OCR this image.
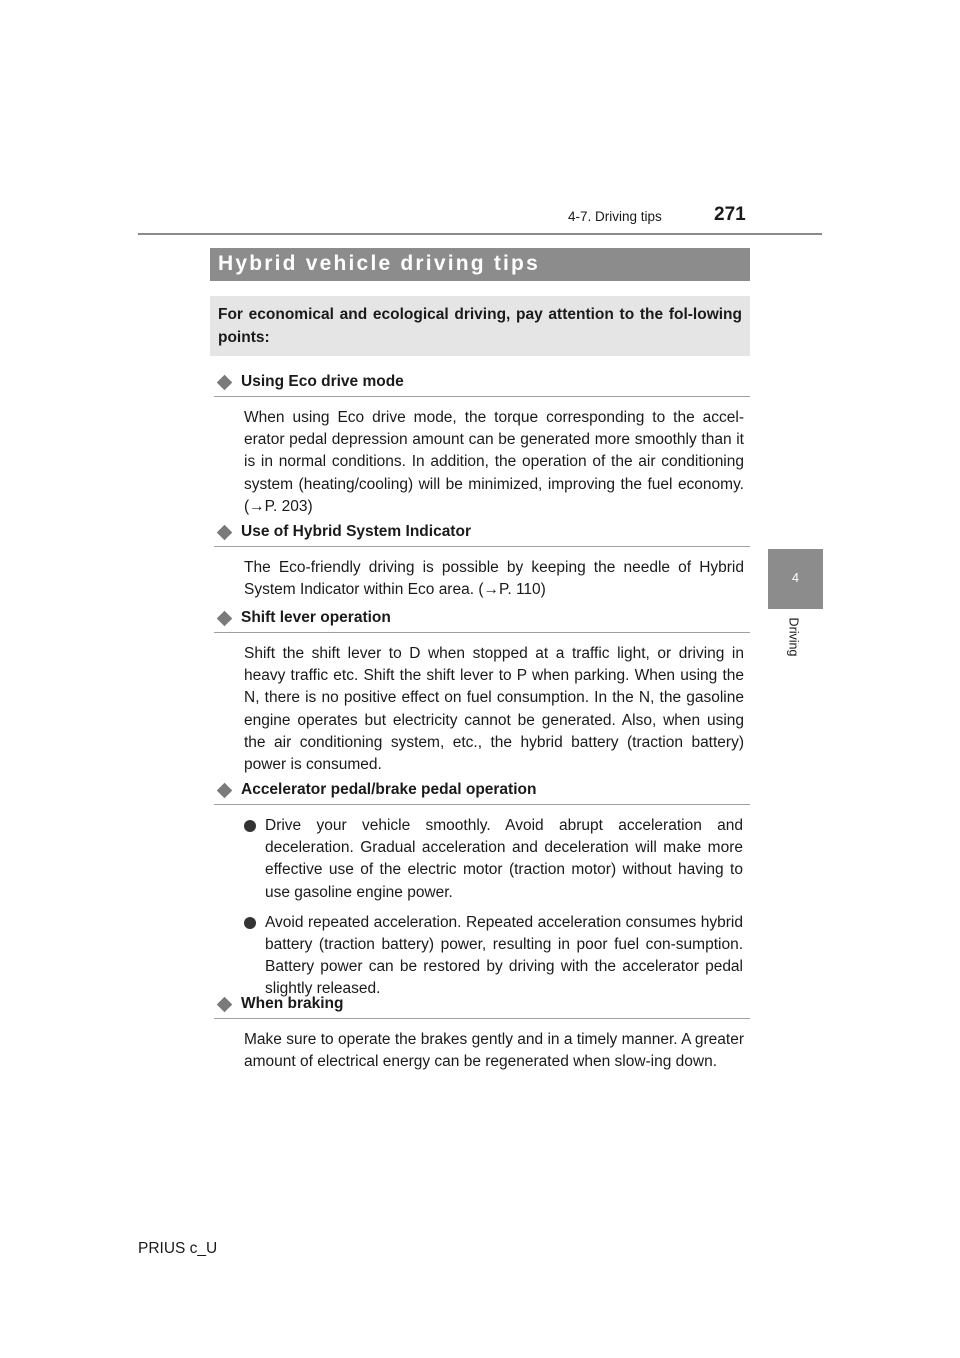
4-7. Driving tips	271
4
Driving
Hybrid vehicle driving tips

For economical and ecological driving, pay attention to the fol-lowing points:

Using Eco drive mode

When using Eco drive mode, the torque corresponding to the accel-erator pedal depression amount can be generated more smoothly than it is in normal conditions. In addition, the operation of the air conditioning system (heating/cooling) will be minimized, improving the fuel economy. (→P. 203)

Use of Hybrid System Indicator

The Eco-friendly driving is possible by keeping the needle of Hybrid System Indicator within Eco area. (→P. 110)

Shift lever operation

Shift the shift lever to D when stopped at a traffic light, or driving in heavy traffic etc. Shift the shift lever to P when parking. When using the N, there is no positive effect on fuel consumption. In the N, the gasoline engine operates but electricity cannot be generated. Also, when using the air conditioning system, etc., the hybrid battery (traction battery) power is consumed.

Accelerator pedal/brake pedal operation
Drive your vehicle smoothly. Avoid abrupt acceleration and deceleration. Gradual acceleration and deceleration will make more effective use of the electric motor (traction motor) without having to use gasoline engine power.
Avoid repeated acceleration. Repeated acceleration consumes hybrid battery (traction battery) power, resulting in poor fuel con-sumption. Battery power can be restored by driving with the accelerator pedal slightly released.
When braking

Make sure to operate the brakes gently and in a timely manner. A greater amount of electrical energy can be regenerated when slow-ing down.

PRIUS c_U
